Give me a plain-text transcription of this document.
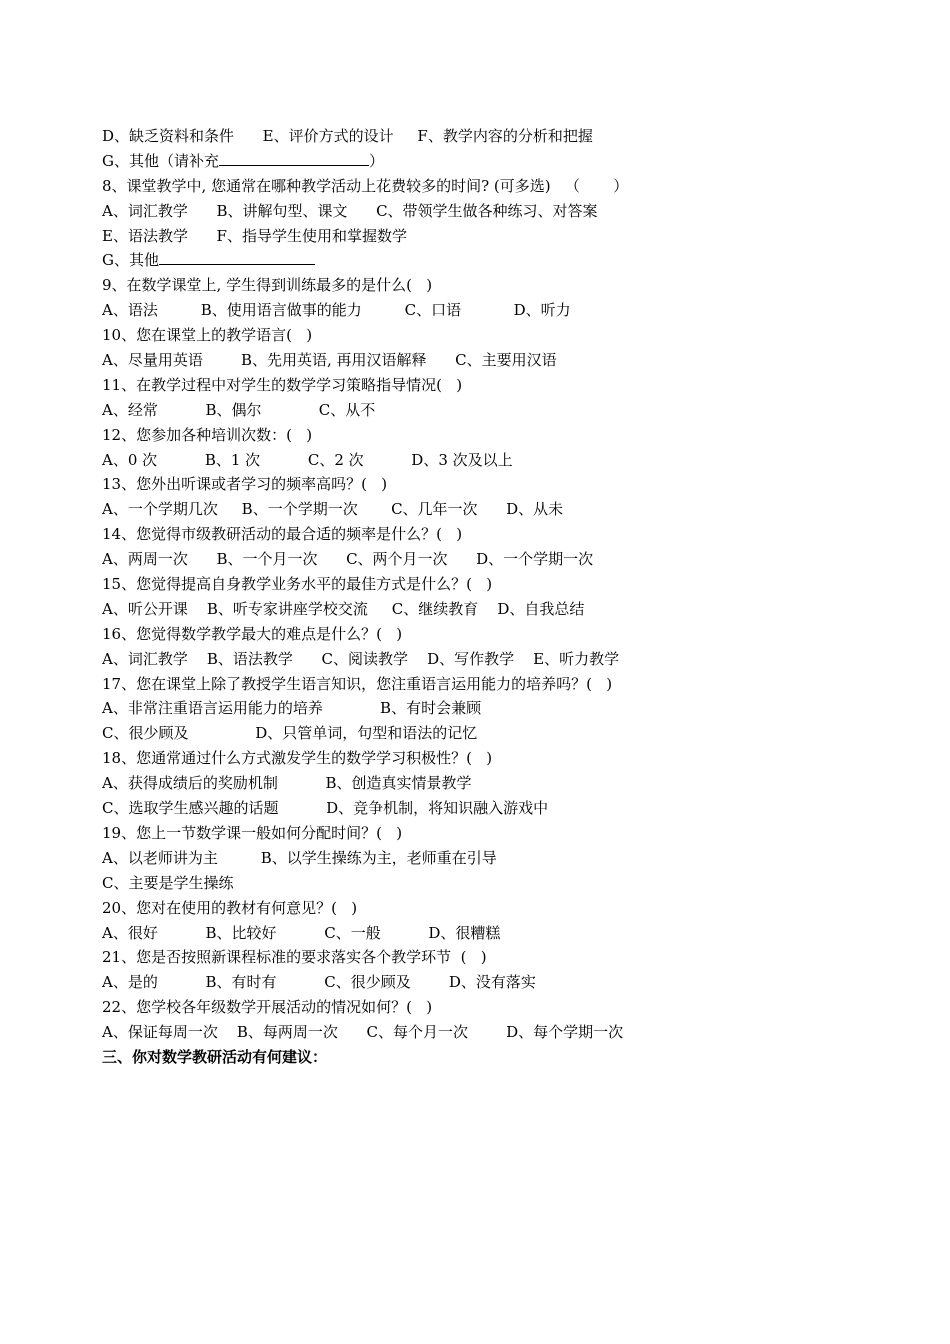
D、缺乏资料和条件      E、评价方式的设计     F、教学内容的分析和把握
G、其他（请补充	）
8、课堂教学中, 您通常在哪种教学活动上花费较多的时间? (可多选)   （       ）
A、词汇教学      B、讲解句型、课文      C、带领学生做各种练习、对答案
E、语法教学      F、指导学生使用和掌握数学
G、其他
9、在数学课堂上, 学生得到训练最多的是什么(   )
A、语法         B、使用语言做事的能力         C、口语           D、听力
10、您在课堂上的教学语言(   )
A、尽量用英语        B、先用英语, 再用汉语解释      C、主要用汉语
11、在教学过程中对学生的数学学习策略指导情况(   )
A、经常          B、偶尔            C、从不
12、您参加各种培训次数：(   )
A、0 次          B、1 次          C、2 次          D、3 次及以上
13、您外出听课或者学习的频率高吗？(   )
A、一个学期几次     B、一个学期一次       C、几年一次      D、从未
14、您觉得市级教研活动的最合适的频率是什么？(   )
A、两周一次      B、一个月一次      C、两个月一次      D、一个学期一次
15、您觉得提高自身教学业务水平的最佳方式是什么？(   )
A、听公开课    B、听专家讲座学校交流     C、继续教育    D、自我总结
16、您觉得数学教学最大的难点是什么？(   )
A、词汇教学    B、语法教学      C、阅读教学    D、写作教学    E、听力教学
17、您在课堂上除了教授学生语言知识，您注重语言运用能力的培养吗？(   )
A、非常注重语言运用能力的培养            B、有时会兼顾
C、很少顾及              D、只管单词，句型和语法的记忆
18、您通常通过什么方式激发学生的数学学习积极性？(   )
A、获得成绩后的奖励机制          B、创造真实情景教学
C、选取学生感兴趣的话题          D、竞争机制，将知识融入游戏中
19、您上一节数学课一般如何分配时间？(   )
A、以老师讲为主         B、以学生操练为主，老师重在引导
C、主要是学生操练
20、您对在使用的教材有何意见？(   )
A、很好          B、比较好          C、一般          D、很糟糕
21、您是否按照新课程标准的要求落实各个教学环节  (   )
A、是的          B、有时有          C、很少顾及        D、没有落实
22、您学校各年级数学开展活动的情况如何？(   )
A、保证每周一次    B、每两周一次      C、每个月一次        D、每个学期一次
三、你对数学教研活动有何建议：
